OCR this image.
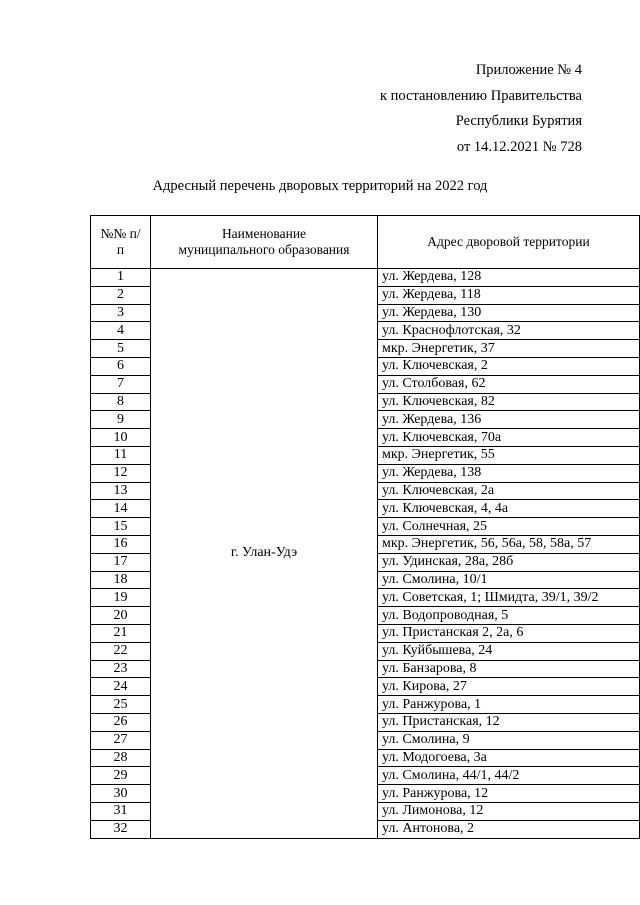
Приложение № 4
к постановлению Правительства
Республики Бурятия
от 14.12.2021 № 728
Адресный перечень дворовых территорий на 2022 год
№№ п/п	Наименование муниципального образования	Адрес дворовой территории
1	г. Улан-Удэ	ул. Жердева, 128
2		ул. Жердева, 118
3		ул. Жердева, 130
4		ул. Краснофлотская, 32
5		мкр. Энергетик, 37
6		ул. Ключевская, 2
7		ул. Столбовая, 62
8		ул. Ключевская, 82
9		ул. Жердева, 136
10		ул. Ключевская, 70а
11		мкр. Энергетик, 55
12		ул. Жердева, 138
13		ул. Ключевская, 2а
14		ул. Ключевская, 4, 4а
15		ул. Солнечная, 25
16		мкр. Энергетик, 56, 56а, 58, 58а, 57
17		ул. Удинская, 28а, 28б
18		ул. Смолина, 10/1
19		ул. Советская, 1; Шмидта, 39/1, 39/2
20		ул. Водопроводная, 5
21		ул. Пристанская 2, 2а, 6
22		ул. Куйбышева, 24
23		ул. Банзарова, 8
24		ул. Кирова, 27
25		ул. Ранжурова, 1
26		ул. Пристанская, 12
27		ул. Смолина, 9
28		ул. Модогоева, 3а
29		ул. Смолина, 44/1, 44/2
30		ул. Ранжурова, 12
31		ул. Лимонова, 12
32		ул. Антонова, 2
